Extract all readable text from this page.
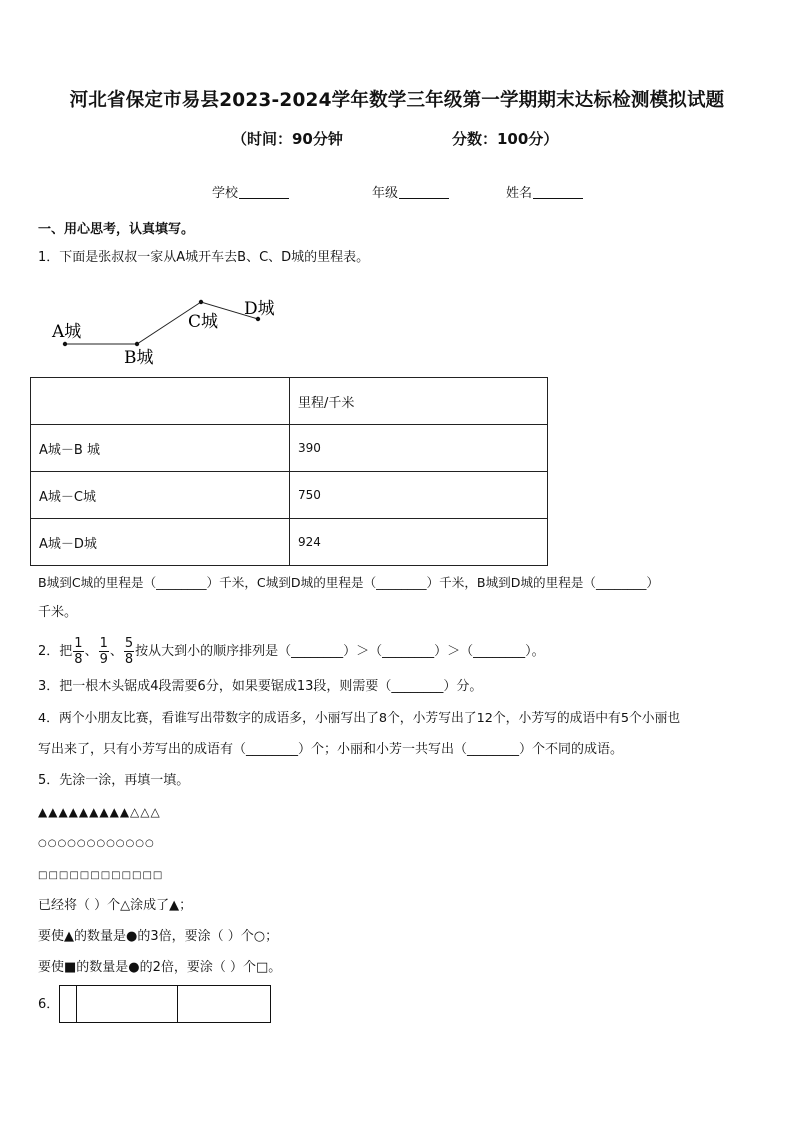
河北省保定市易县2023-2024学年数学三年级第一学期期末达标检测模拟试题
（时间：90分钟	分数：100分）
学校	年级	姓名
一、用心思考，认真填写。
1．下面是张叔叔一家从A城开车去B、C、D城的里程表。
A城
B城
C城
D城
	里程/千米
A城－B 城	390
A城－C城	750
A城－D城	924
B城到C城的里程是（________）千米，C城到D城的里程是（________）千米，B城到D城的里程是（________）
千米。
2．把 $\frac{1}{8}$ 、 $\frac{1}{9}$ 、 $\frac{5}{8}$ 按从大到小的顺序排列是（________）＞（________）＞（________）。
3．把一根木头锯成4段需要6分，如果要锯成13段，则需要（________）分。
4．两个小朋友比赛，看谁写出带数字的成语多，小丽写出了8个，小芳写出了12个，小芳写的成语中有5个小丽也
写出来了，只有小芳写出的成语有（________）个；小丽和小芳一共写出（________）个不同的成语。
5．先涂一涂，再填一填。
▲▲▲▲▲▲▲▲▲△△△
○○○○○○○○○○○○
□□□□□□□□□□□□
已经将（ ）个△涂成了▲；
要使▲的数量是●的3倍，要涂（ ）个○；
要使■的数量是●的2倍，要涂（ ）个□。
6．
